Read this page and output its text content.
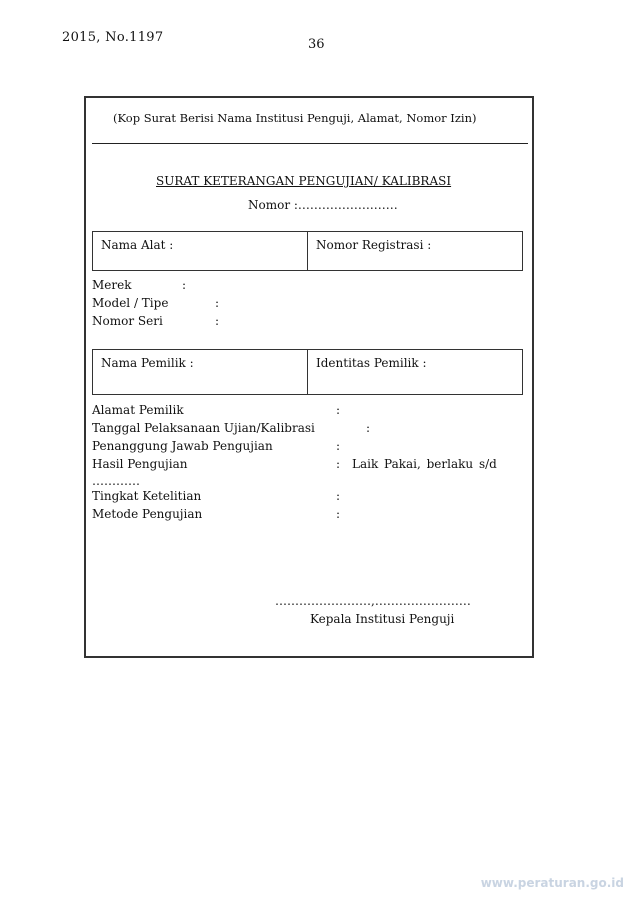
2015, No.1197	36
(Kop Surat Berisi Nama Institusi Penguji, Alamat, Nomor Izin)
SURAT KETERANGAN PENGUJIAN/ KALIBRASI
Nomor :……………….……
Nama Alat :	Nomor Registrasi :
Merek	:
Model / Tipe	:
Nomor Seri	:
Nama Pemilik :	Identitas Pemilik :
Alamat Pemilik	:
Tanggal Pelaksanaan Ujian/Kalibrasi	:
Penanggung Jawab Pengujian	:
Hasil Pengujian	: Laik Pakai, berlaku s/d
…………
Tingkat Ketelitian	:
Metode Pengujian	:
……………………,……………………
Kepala Institusi Penguji
www.peraturan.go.id
